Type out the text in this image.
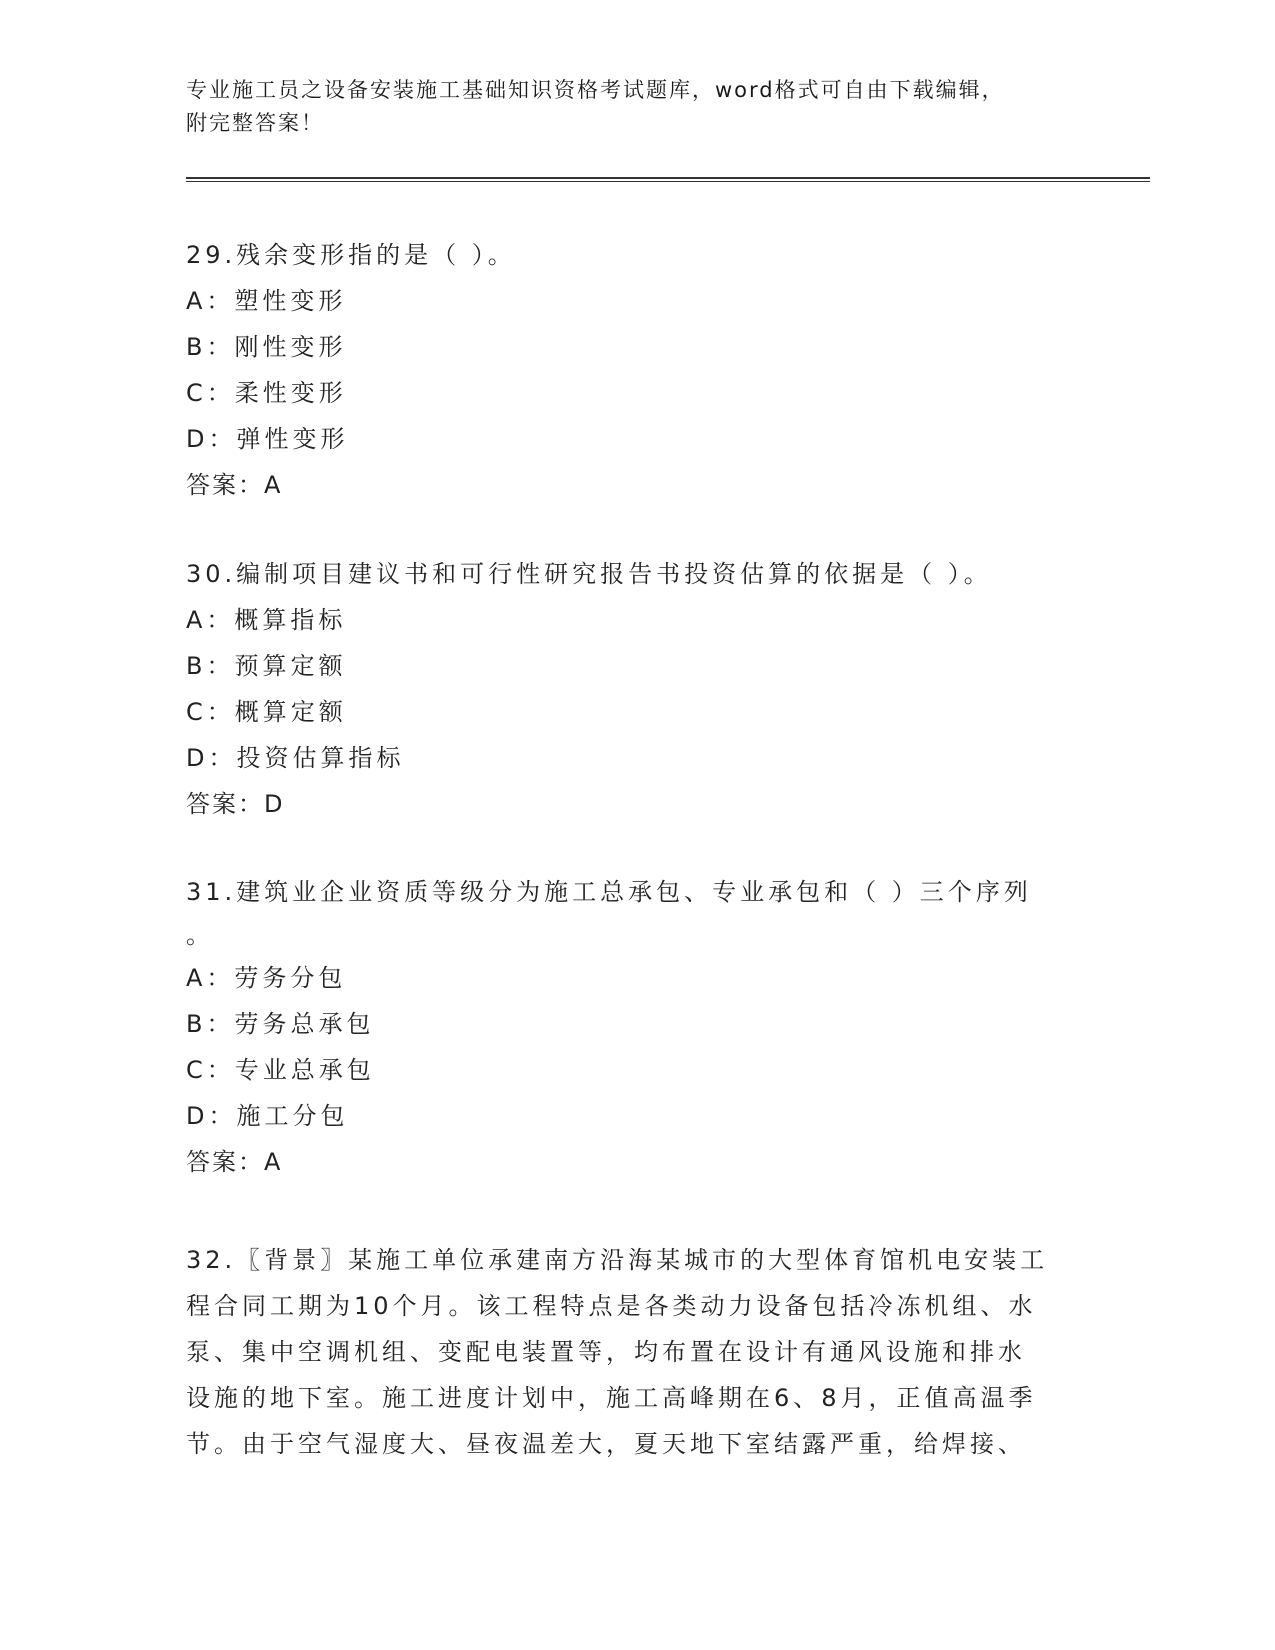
专业施工员之设备安装施工基础知识资格考试题库，word格式可自由下载编辑，
附完整答案！
29.残余变形指的是（ ）。
A：塑性变形
B：刚性变形
C：柔性变形
D：弹性变形
答案：A
30.编制项目建议书和可行性研究报告书投资估算的依据是（ ）。
A：概算指标
B：预算定额
C：概算定额
D：投资估算指标
答案：D
31.建筑业企业资质等级分为施工总承包、专业承包和（ ）三个序列
。
A：劳务分包
B：劳务总承包
C：专业总承包
D：施工分包
答案：A
32.〖背景〗某施工单位承建南方沿海某城市的大型体育馆机电安装工
程合同工期为10个月。该工程特点是各类动力设备包括冷冻机组、水
泵、集中空调机组、变配电装置等，均布置在设计有通风设施和排水
设施的地下室。施工进度计划中，施工高峰期在6、8月，正值高温季
节。由于空气湿度大、昼夜温差大，夏天地下室结露严重，给焊接、
